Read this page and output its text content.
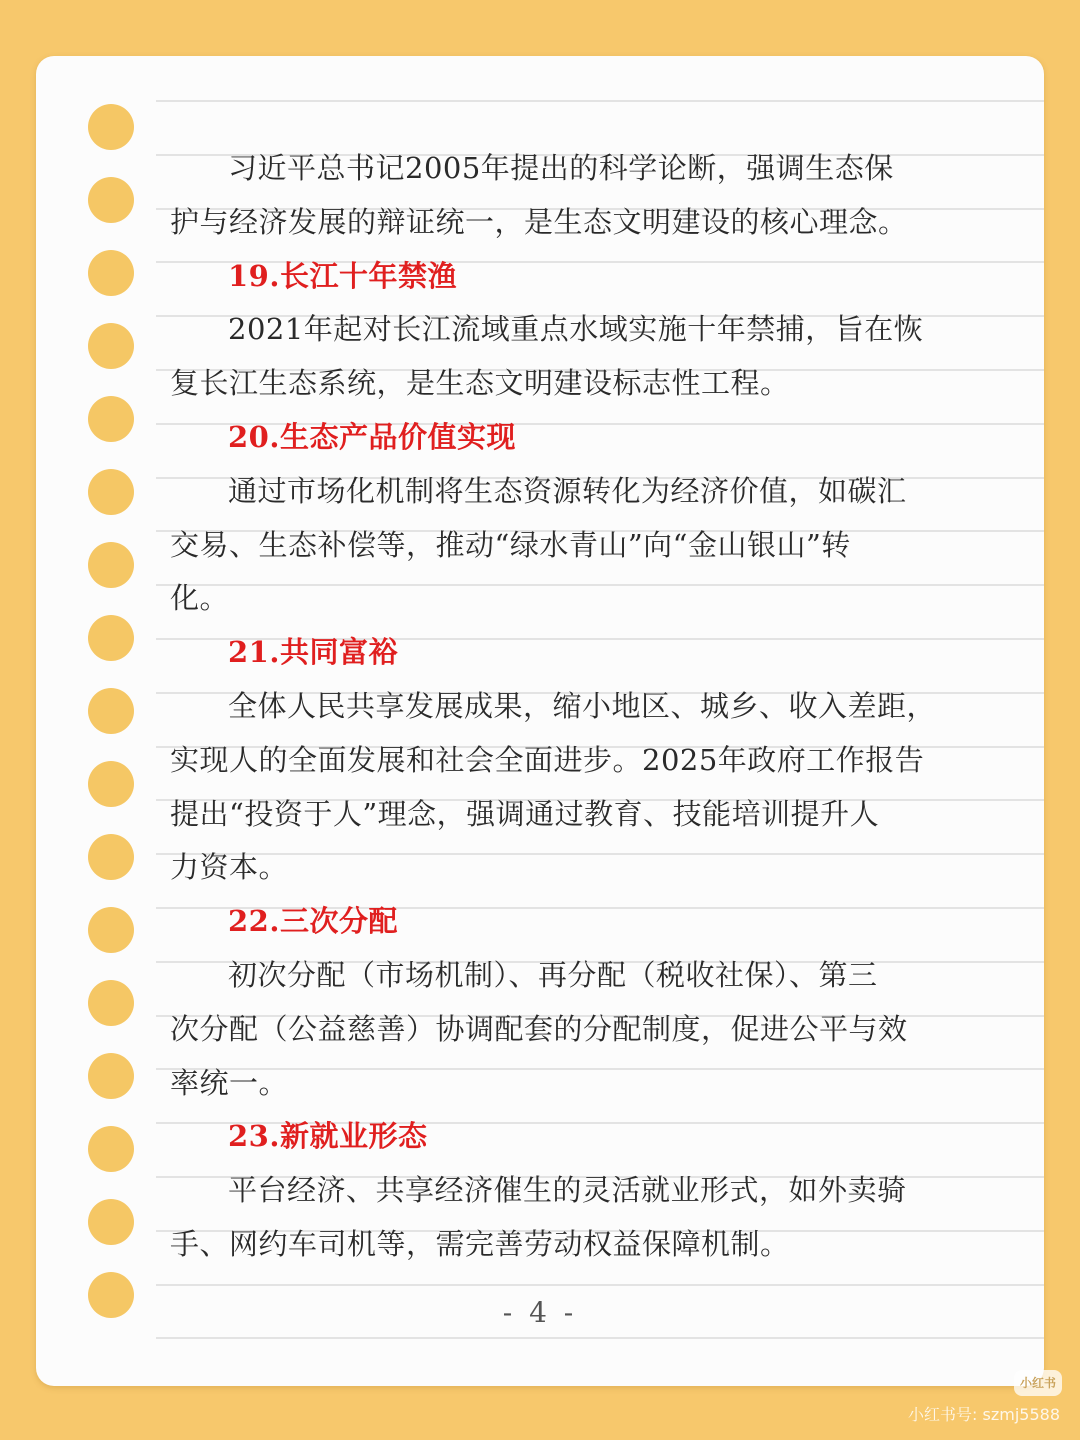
习近平总书记2005年提出的科学论断，强调生态保
护与经济发展的辩证统一，是生态文明建设的核心理念。
19.长江十年禁渔
2021年起对长江流域重点水域实施十年禁捕，旨在恢
复长江生态系统，是生态文明建设标志性工程。
20.生态产品价值实现
通过市场化机制将生态资源转化为经济价值，如碳汇
交易、生态补偿等，推动“绿水青山”向“金山银山”转
化。
21.共同富裕
全体人民共享发展成果，缩小地区、城乡、收入差距，
实现人的全面发展和社会全面进步。2025年政府工作报告
提出“投资于人”理念，强调通过教育、技能培训提升人
力资本。
22.三次分配
初次分配（市场机制）、再分配（税收社保）、第三
次分配（公益慈善）协调配套的分配制度，促进公平与效
率统一。
23.新就业形态
平台经济、共享经济催生的灵活就业形式，如外卖骑
手、网约车司机等，需完善劳动权益保障机制。
- 4 -
小红书
小红书号: szmj5588
